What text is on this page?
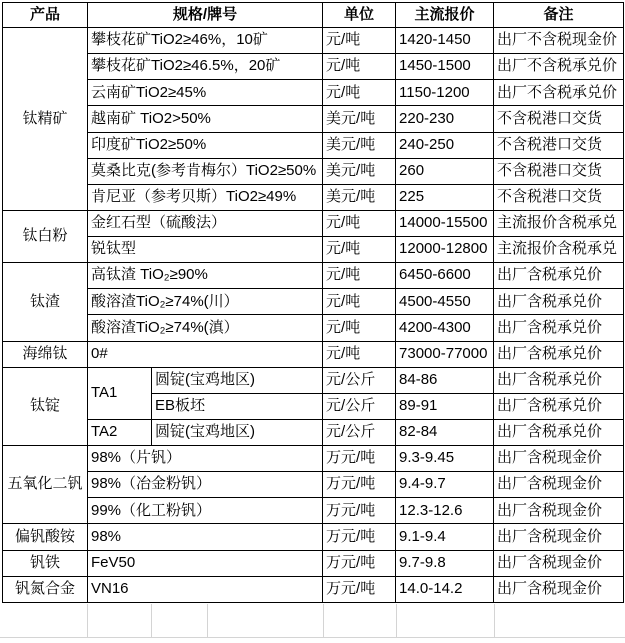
产品	规格/牌号		单位	主流报价	备注
钛精矿	攀枝花矿TiO2≥46%，10矿		元/吨	1420-1450	出厂不含税现金价
	攀枝花矿TiO2≥46.5%，20矿		元/吨	1450-1500	出厂不含税承兑价
	云南矿TiO2≥45%		元/吨	1150-1200	出厂不含税承兑价
	越南矿 TiO2>50%		美元/吨	220-230	不含税港口交货
	印度矿TiO2≥50%		美元/吨	240-250	不含税港口交货
	莫桑比克(参考肯梅尔）TiO2≥50%		美元/吨	260	不含税港口交货
	肯尼亚（参考贝斯）TiO2≥49%		美元/吨	225	不含税港口交货
钛白粉	金红石型（硫酸法）		元/吨	14000-15500	主流报价含税承兑
	锐钛型		元/吨	12000-12800	主流报价含税承兑
钛渣	高钛渣 TiO₂≥90%		元/吨	6450-6600	出厂含税承兑价
	酸溶渣TiO₂≥74%(川）		元/吨	4500-4550	出厂含税承兑价
	酸溶渣TiO₂≥74%(滇）		元/吨	4200-4300	出厂含税承兑价
海绵钛	0#		元/吨	73000-77000	出厂含税承兑价
钛锭	TA1	圆锭(宝鸡地区)	元/公斤	84-86	出厂含税承兑价
		EB板坯	元/公斤	89-91	出厂含税承兑价
	TA2	圆锭(宝鸡地区)	元/公斤	82-84	出厂含税承兑价
五氧化二钒	98%（片钒）		万元/吨	9.3-9.45	出厂含税现金价
	98%（冶金粉钒）		万元/吨	9.4-9.7	出厂含税现金价
	99%（化工粉钒）		万元/吨	12.3-12.6	出厂含税现金价
偏钒酸铵	98%		万元/吨	9.1-9.4	出厂含税现金价
钒铁	FeV50		万元/吨	9.7-9.8	出厂含税现金价
钒氮合金	VN16		万元/吨	14.0-14.2	出厂含税现金价
